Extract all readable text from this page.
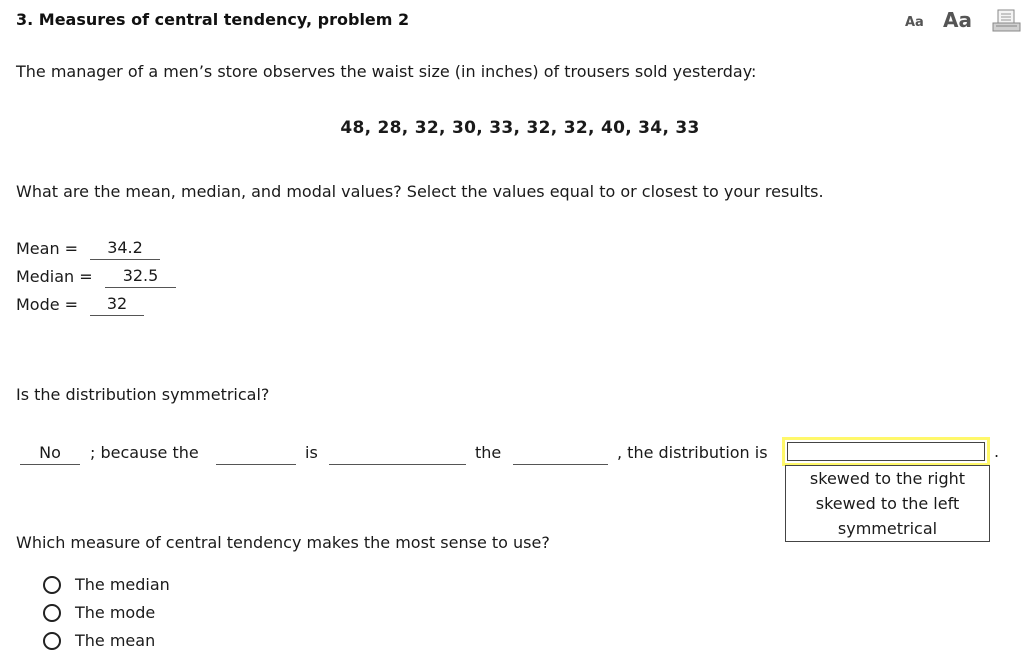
3. Measures of central tendency, problem 2	Aa Aa
The manager of a men’s store observes the waist size (in inches) of trousers sold yesterday:
48, 28, 32, 30, 33, 32, 32, 40, 34, 33
What are the mean, median, and modal values? Select the values equal to or closest to your results.
Mean =	34.2
Median =	32.5
Mode =	32
Is the distribution symmetrical?
No	; because the	is	the	, the distribution is	.
skewed to the right
skewed to the left
symmetrical
Which measure of central tendency makes the most sense to use?
The median
The mode
The mean
